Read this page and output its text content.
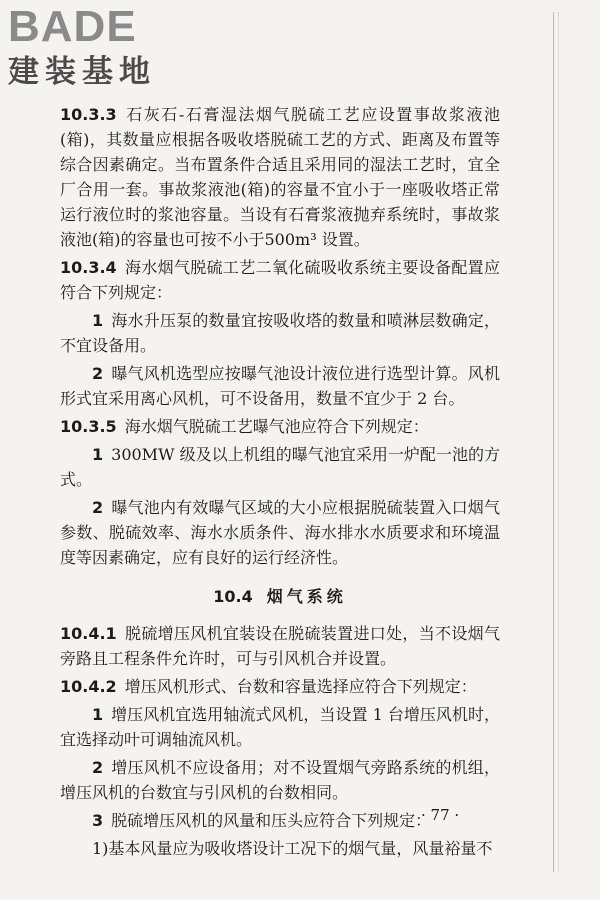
BADE
建装基地

10.3.3 石灰石-石膏湿法烟气脱硫工艺应设置事故浆液池(箱)，其数量应根据各吸收塔脱硫工艺的方式、距离及布置等综合因素确定。当布置条件合适且采用同的湿法工艺时，宜全厂合用一套。事故浆液池(箱)的容量不宜小于一座吸收塔正常运行液位时的浆池容量。当设有石膏浆液抛弃系统时，事故浆液池(箱)的容量也可按不小于500m³ 设置。

10.3.4 海水烟气脱硫工艺二氧化硫吸收系统主要设备配置应符合下列规定：

1 海水升压泵的数量宜按吸收塔的数量和喷淋层数确定，不宜设备用。

2 曝气风机选型应按曝气池设计液位进行选型计算。风机形式宜采用离心风机，可不设备用，数量不宜少于 2 台。

10.3.5 海水烟气脱硫工艺曝气池应符合下列规定：

1 300MW 级及以上机组的曝气池宜采用一炉配一池的方式。

2 曝气池内有效曝气区域的大小应根据脱硫装置入口烟气参数、脱硫效率、海水水质条件、海水排水水质要求和环境温度等因素确定，应有良好的运行经济性。

10.4 烟气系统

10.4.1 脱硫增压风机宜装设在脱硫装置进口处，当不设烟气旁路且工程条件允许时，可与引风机合并设置。

10.4.2 增压风机形式、台数和容量选择应符合下列规定：

1 增压风机宜选用轴流式风机，当设置 1 台增压风机时，宜选择动叶可调轴流风机。

2 增压风机不应设备用；对不设置烟气旁路系统的机组，增压风机的台数宜与引风机的台数相同。

3 脱硫增压风机的风量和压头应符合下列规定：

1)基本风量应为吸收塔设计工况下的烟气量，风量裕量不

· 77 ·
